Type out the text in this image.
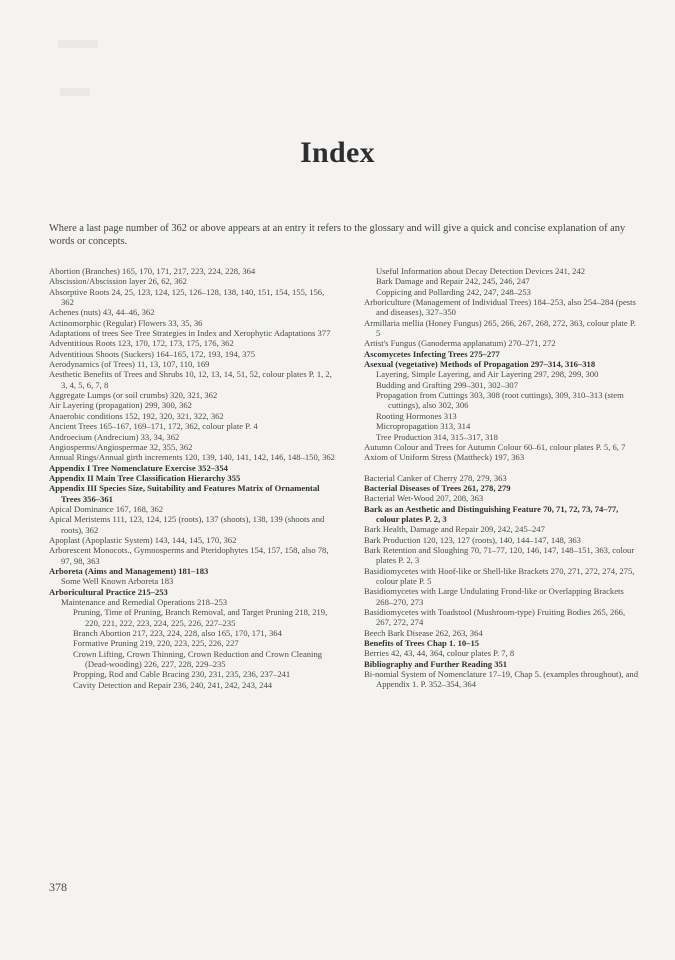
Index

Where a last page number of 362 or above appears at an entry it refers to the glossary and will give a quick and concise explanation of any words or concepts.

Abortion (Branches) 165, 170, 171, 217, 223, 224, 228, 364
Abscission/Abscission layer 26, 62, 362
Absorptive Roots 24, 25, 123, 124, 125, 126–128, 138, 140, 151, 154, 155, 156, 362
Achenes (nuts) 43, 44–46, 362
Actinomorphic (Regular) Flowers 33, 35, 36
Adaptations of trees See Tree Strategies in Index and Xerophytic Adaptations 377
Adventitious Roots 123, 170, 172, 173, 175, 176, 362
Adventitious Shoots (Suckers) 164–165, 172, 193, 194, 375
Aerodynamics (of Trees) 11, 13, 107, 110, 169
Aesthetic Benefits of Trees and Shrubs 10, 12, 13, 14, 51, 52, colour plates P. 1, 2, 3, 4, 5, 6, 7, 8
Aggregate Lumps (or soil crumbs) 320, 321, 362
Air Layering (propagation) 299, 300, 362
Anaerobic conditions 152, 192, 320, 321, 322, 362
Ancient Trees 165–167, 169–171, 172, 362, colour plate P. 4
Androecium (Andrecium) 33, 34, 362
Angiosperms/Angiospermae 32, 355, 362
Annual Rings/Annual girth increments 120, 139, 140, 141, 142, 146, 148–150, 362
Appendix I Tree Nomenclature Exercise 352–354
Appendix II Main Tree Classification Hierarchy 355
Appendix III Species Size, Suitability and Features Matrix of Ornamental Trees 356–361
Apical Dominance 167, 168, 362
Apical Meristems 111, 123, 124, 125 (roots), 137 (shoots), 138, 139 (shoots and roots), 362
Apoplast (Apoplastic System) 143, 144, 145, 170, 362
Arborescent Monocots., Gymnosperms and Pteridophytes 154, 157, 158, also 78, 97, 98, 363
Arboreta (Aims and Management) 181–183
Some Well Known Arboreta 183
Arboricultural Practice 215–253
Maintenance and Remedial Operations 218–253
Pruning, Time of Pruning, Branch Removal, and Target Pruning 218, 219, 220, 221, 222, 223, 224, 225, 226, 227–235
Branch Abortion 217, 223, 224, 228, also 165, 170, 171, 364
Formative Pruning 219, 220, 223, 225, 226, 227
Crown Lifting, Crown Thinning, Crown Reduction and Crown Cleaning (Dead-wooding) 226, 227, 228, 229–235
Propping, Rod and Cable Bracing 230, 231, 235, 236, 237–241
Cavity Detection and Repair 236, 240, 241, 242, 243, 244
Useful Information about Decay Detection Devices 241, 242
Bark Damage and Repair 242, 245, 246, 247
Coppicing and Pollarding 242, 247, 248–253
Arboriculture (Management of Individual Trees) 184–253, also 254–284 (pests and diseases), 327–350
Armillaria mellia (Honey Fungus) 265, 266, 267, 268, 272, 363, colour plate P. 5
Artist's Fungus (Ganoderma applanatum) 270–271, 272
Ascomycetes Infecting Trees 275–277
Asexual (vegetative) Methods of Propagation 297–314, 316–318
Layering, Simple Layering, and Air Layering 297, 298, 299, 300
Budding and Grafting 299–301, 302–307
Propagation from Cuttings 303, 308 (root cuttings), 309, 310–313 (stem cuttings), also 302, 306
Rooting Hormones 313
Micropropagation 313, 314
Tree Production 314, 315–317, 318
Autumn Colour and Trees for Autumn Colour 60–61, colour plates P. 5, 6, 7
Axiom of Uniform Stress (Mattheck) 197, 363
Bacterial Canker of Cherry 278, 279, 363
Bacterial Diseases of Trees 261, 278, 279
Bacterial Wet-Wood 207, 208, 363
Bark as an Aesthetic and Distinguishing Feature 70, 71, 72, 73, 74–77, colour plates P. 2, 3
Bark Health, Damage and Repair 209, 242, 245–247
Bark Production 120, 123, 127 (roots), 140, 144–147, 148, 363
Bark Retention and Sloughing 70, 71–77, 120, 146, 147, 148–151, 363, colour plates P. 2, 3
Basidiomycetes with Hoof-like or Shell-like Brackets 270, 271, 272, 274, 275, colour plate P. 5
Basidiomycetes with Large Undulating Frond-like or Overlapping Brackets 268–270, 273
Basidiomycetes with Toadstool (Mushroom-type) Fruiting Bodies 265, 266, 267, 272, 274
Beech Bark Disease 262, 263, 364
Benefits of Trees Chap 1. 10–15
Berries 42, 43, 44, 364, colour plates P. 7, 8
Bibliography and Further Reading 351
Bi-nomial System of Nomenclature 17–19, Chap 5. (examples throughout), and Appendix 1. P. 352–354, 364
378
